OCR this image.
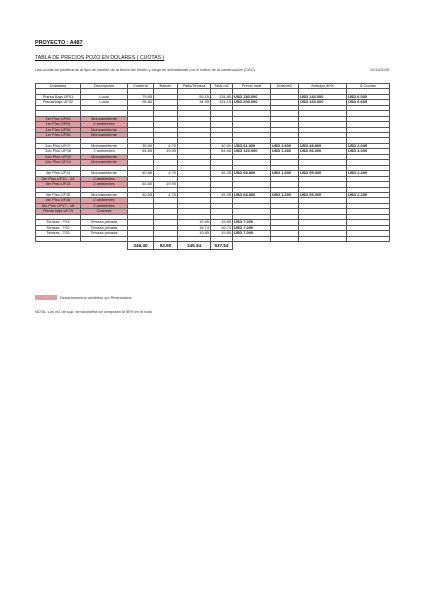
PROYECTO : A487
TABLA DE PRECIOS POZO EN DOLARES ( CUOTAS )
Las cuotas se pesificaran al tipo de cambio de la fecha del boleto y luego se actualizaran por el indice de la construcción (CAC)	11/11/2025
Unidades	Descripción	Cubierta	Balcón	Patio/Terraza	Total m2	Precio total	Dólar/m2	Anticipo 80%	6 Cuotas

Planta Baja UF01	Local	79.65		55.15	134.80	USD 180.000		USD 144.000	USD 6.000
Planta baja UF02	Local	96.80		34.35	131.15	USD 200.000		USD 160.000	USD 6.665

1er Piso UF03	Monoambiente								
1er Piso UF04	2 ambientes								
1er Piso UF05	Monoambiente								
1er Piso UF06	Monoambiente								

2do Piso UF07	Monoambiente	35.80	4.70		40.50	USD 61.000	USD 1.600	USD 48.800	USD 2.035
2do Piso UF08	2 ambientes	64.65	19.90		84.55	USD 120.000	USD 1.400	USD 96.000	USD 4.000
2do Piso UF09	Monoambiente								
2do Piso UF10	Monoambiente								

3er Piso UF11	Monoambiente	40.65	4.70		45.35	USD 68.800	USD 1.600	USD 55.000	USD 2.290
3er Piso UF12 - 14	2 ambientes								
3er Piso UF13	2 ambientes	64.65	19.90						

4to Piso UF15	Monoambiente	40.65	4.70		45.35	USD 68.800	USD 1.600	USD 55.000	USD 2.290
4to Piso UF16	2 ambientes								
5to Piso UF17 - 18	2 ambientes								
Planta baja UF19	Cochera								

Terraza - T01	Terraza privada			19.85	19.85	USD 7.000			
Terraza - T02	Terraza privada			16.74	16.74	USD 7.000			
Terraza - T03	Terraza privada			19.85	19.85	USD 7.000			

		246.40	53.90	145.34	537.54				
Departamentos vendidos y/o Reservados
NOTA: Los m2 de sup. semicubierta se computan al 50% en el total
